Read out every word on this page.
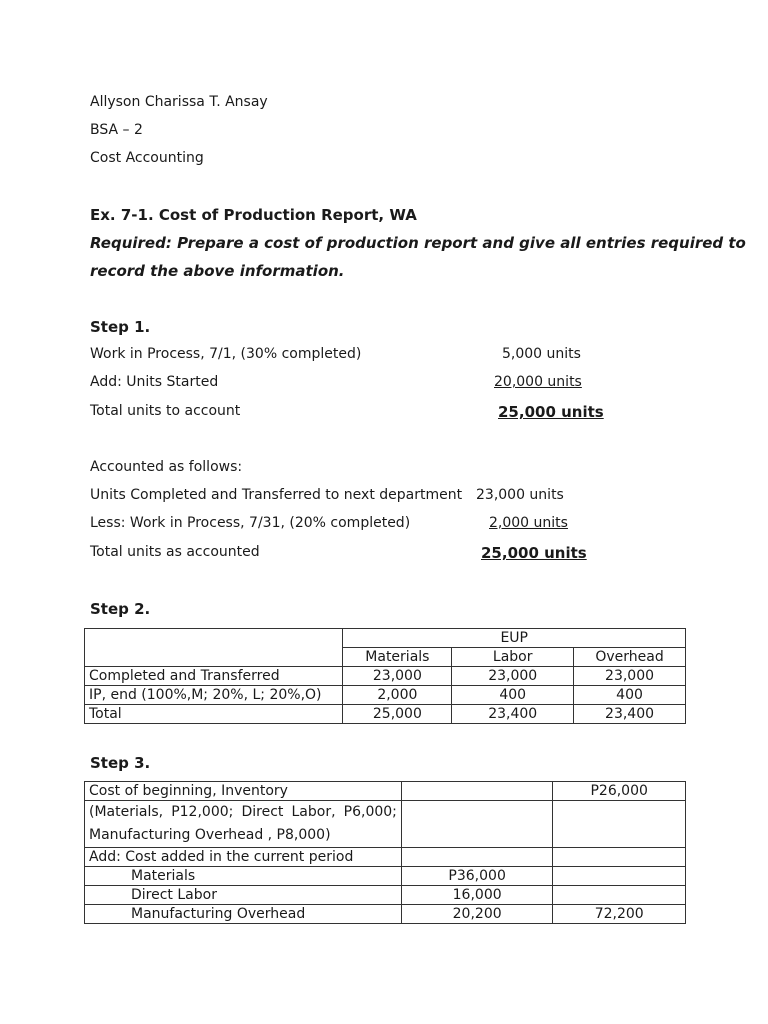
Allyson Charissa T. Ansay
BSA – 2
Cost Accounting
Ex. 7-1. Cost of Production Report, WA
Required: Prepare a cost of production report and give all entries required to
record the above information.
Step 1.
Work in Process, 7/1, (30% completed)	5,000 units
Add: Units Started	20,000 units
Total units to account	25,000 units
Accounted as follows:
Units Completed and Transferred to next department 23,000 units
Less: Work in Process, 7/31, (20% completed)	2,000 units
Total units as accounted	25,000 units
Step 2.
	EUP		
	Materials	Labor	Overhead
Completed and Transferred	23,000	23,000	23,000
IP, end (100%,M; 20%, L; 20%,O)	2,000	400	400
Total	25,000	23,400	23,400
Step 3.
Cost of beginning, Inventory		P26,000

(Materials, P12,000; Direct Labor, P6,000;
Manufacturing Overhead , P8,000)		

Add: Cost added in the current period		
Materials	P36,000	
Direct Labor	16,000	
Manufacturing Overhead	20,200	72,200
